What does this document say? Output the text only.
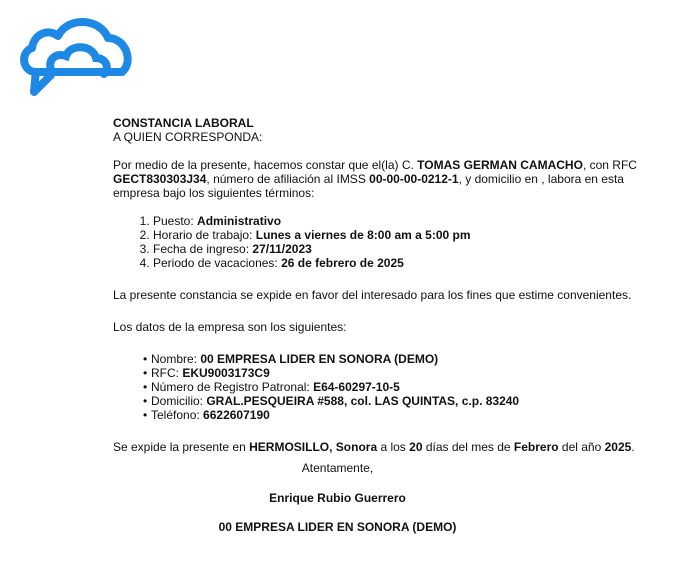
CONSTANCIA LABORAL

A QUIEN CORRESPONDA:

Por medio de la presente, hacemos constar que el(la) C. TOMAS GERMAN CAMACHO, con RFC GECT830303J34, número de afiliación al IMSS 00-00-00-0212-1, y domicilio en , labora en esta empresa bajo los siguientes términos:

1. Puesto: Administrativo
2. Horario de trabajo: Lunes a viernes de 8:00 am a 5:00 pm
3. Fecha de ingreso: 27/11/2023
4. Periodo de vacaciones: 26 de febrero de 2025

La presente constancia se expide en favor del interesado para los fines que estime convenientes.

Los datos de la empresa son los siguientes:

• Nombre: 00 EMPRESA LIDER EN SONORA (DEMO)
• RFC: EKU9003173C9
• Número de Registro Patronal: E64-60297-10-5
• Domicilio: GRAL.PESQUEIRA #588, col. LAS QUINTAS, c.p. 83240
• Teléfono: 6622607190

Se expide la presente en HERMOSILLO, Sonora a los 20 días del mes de Febrero del año 2025.

Atentamente,
Enrique Rubio Guerrero
00 EMPRESA LIDER EN SONORA (DEMO)
